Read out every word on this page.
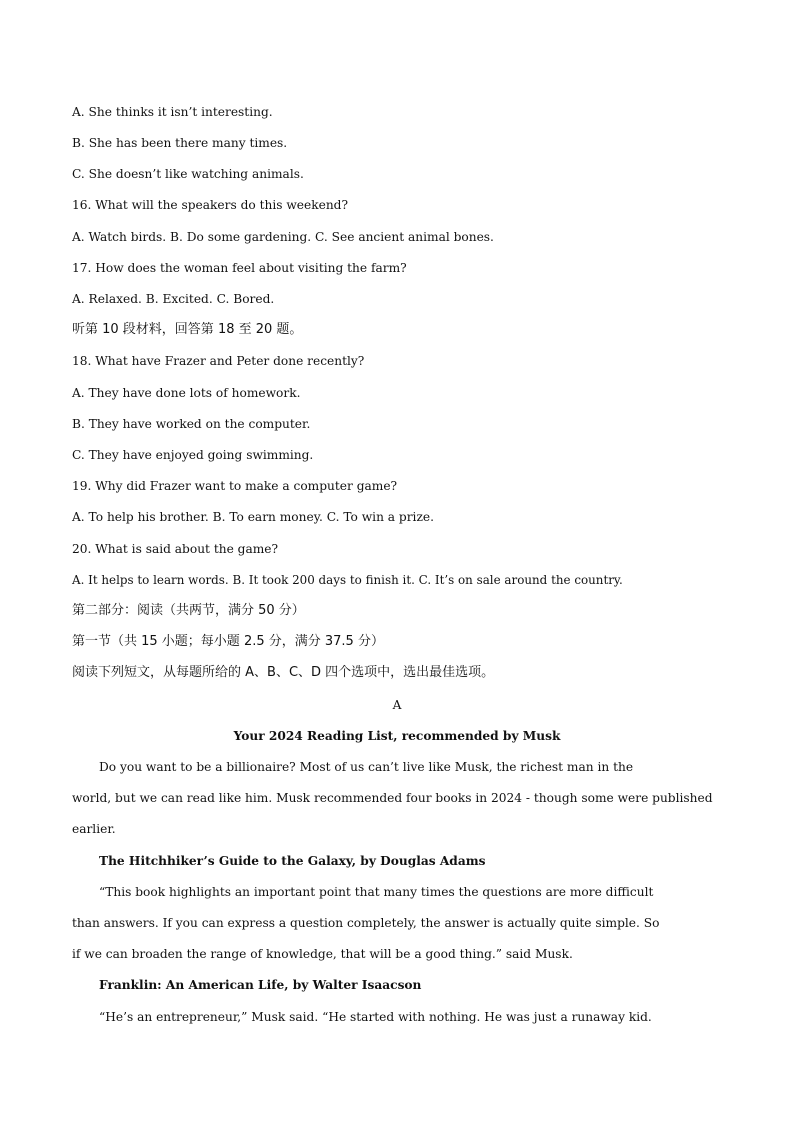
A. She thinks it isn’t interesting.
B. She has been there many times.
C. She doesn’t like watching animals.
16. What will the speakers do this weekend?
A. Watch birds. B. Do some gardening. C. See ancient animal bones.
17. How does the woman feel about visiting the farm?
A. Relaxed. B. Excited. C. Bored.
听第 10 段材料，回答第 18 至 20 题。
18. What have Frazer and Peter done recently?
A. They have done lots of homework.
B. They have worked on the computer.
C. They have enjoyed going swimming.
19. Why did Frazer want to make a computer game?
A. To help his brother. B. To earn money. C. To win a prize.
20. What is said about the game?
A. It helps to learn words. B. It took 200 days to finish it. C. It’s on sale around the country.
第二部分：阅读（共两节，满分 50 分）
第一节（共 15 小题；每小题 2.5 分，满分 37.5 分）
阅读下列短文，从每题所给的 A、B、C、D 四个选项中，选出最佳选项。
A
Your 2024 Reading List, recommended by Musk
Do you want to be a billionaire? Most of us can’t live like Musk, the richest man in the
world, but we can read like him. Musk recommended four books in 2024 - though some were published
earlier.
The Hitchhiker’s Guide to the Galaxy, by Douglas Adams
“This book highlights an important point that many times the questions are more difficult
than answers. If you can express a question completely, the answer is actually quite simple. So
if we can broaden the range of knowledge, that will be a good thing.” said Musk.
Franklin: An American Life, by Walter Isaacson
“He’s an entrepreneur,” Musk said. “He started with nothing. He was just a runaway kid.
